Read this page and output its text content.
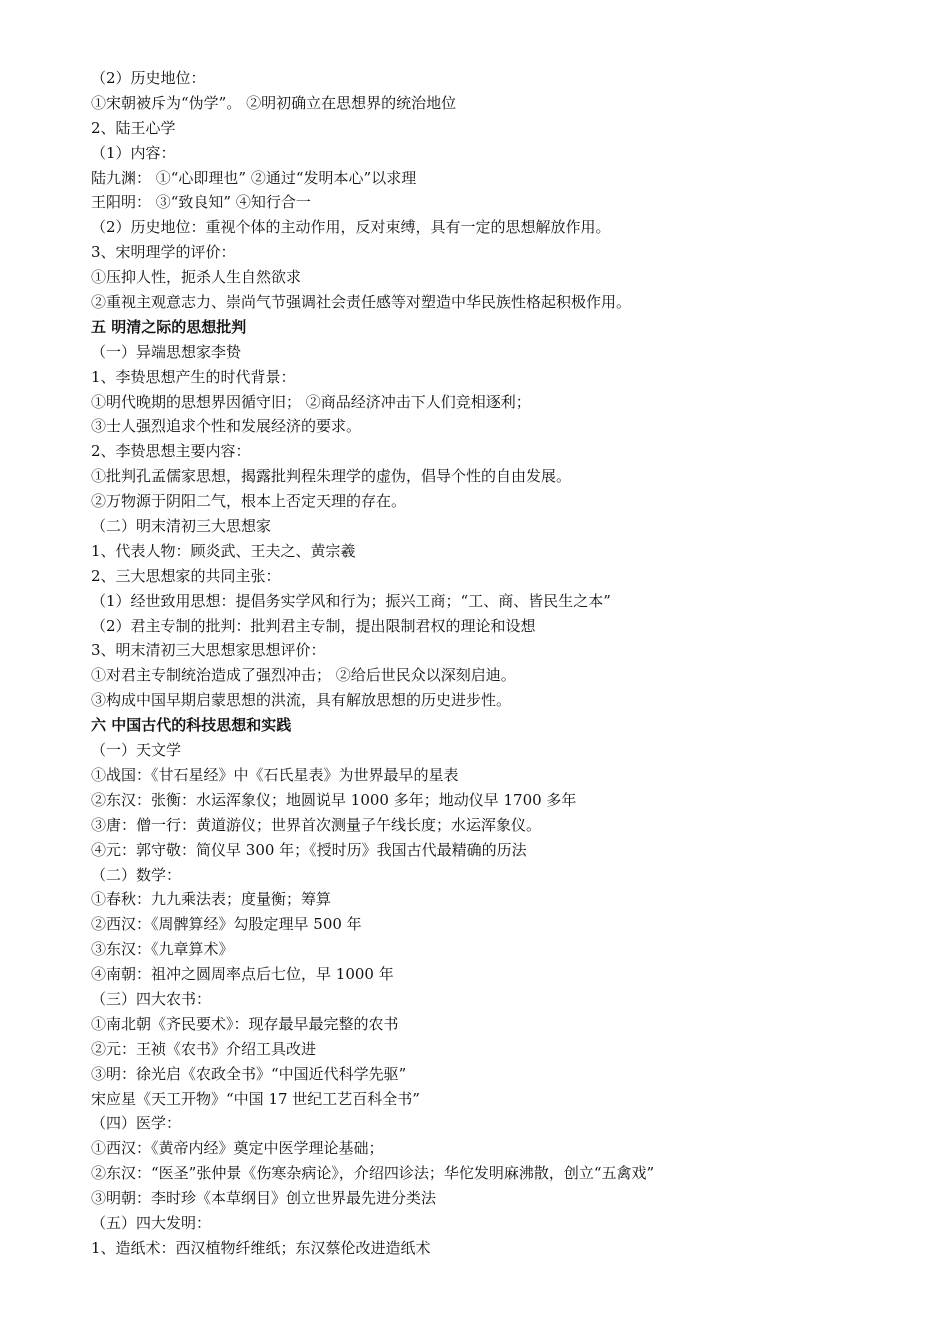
（2）历史地位：
①宋朝被斥为“伪学”。 ②明初确立在思想界的统治地位
2、陆王心学
（1）内容：
陆九渊： ①“心即理也” ②通过“发明本心”以求理
王阳明： ③“致良知” ④知行合一
（2）历史地位：重视个体的主动作用，反对束缚，具有一定的思想解放作用。
3、宋明理学的评价：
①压抑人性，扼杀人生自然欲求
②重视主观意志力、崇尚气节强调社会责任感等对塑造中华民族性格起积极作用。
五 明清之际的思想批判
（一）异端思想家李贽
1、李贽思想产生的时代背景：
①明代晚期的思想界因循守旧； ②商品经济冲击下人们竞相逐利；
③士人强烈追求个性和发展经济的要求。
2、李贽思想主要内容：
①批判孔孟儒家思想，揭露批判程朱理学的虚伪，倡导个性的自由发展。
②万物源于阴阳二气，根本上否定天理的存在。
（二）明末清初三大思想家
1、代表人物：顾炎武、王夫之、黄宗羲
2、三大思想家的共同主张：
（1）经世致用思想：提倡务实学风和行为；振兴工商；“工、商、皆民生之本”
（2）君主专制的批判：批判君主专制，提出限制君权的理论和设想
3、明末清初三大思想家思想评价：
①对君主专制统治造成了强烈冲击； ②给后世民众以深刻启迪。
③构成中国早期启蒙思想的洪流，具有解放思想的历史进步性。
六 中国古代的科技思想和实践
（一）天文学
①战国：《甘石星经》中《石氏星表》为世界最早的星表
②东汉：张衡：水运浑象仪；地圆说早 1000 多年；地动仪早 1700 多年
③唐：僧一行：黄道游仪；世界首次测量子午线长度；水运浑象仪。
④元：郭守敬：简仪早 300 年；《授时历》我国古代最精确的历法
（二）数学：
①春秋：九九乘法表；度量衡；筹算
②西汉：《周髀算经》勾股定理早 500 年
③东汉：《九章算术》
④南朝：祖冲之圆周率点后七位，早 1000 年
（三）四大农书：
①南北朝《齐民要术》：现存最早最完整的农书
②元：王祯《农书》介绍工具改进
③明：徐光启《农政全书》“中国近代科学先驱”
宋应星《天工开物》“中国 17 世纪工艺百科全书”
（四）医学：
①西汉：《黄帝内经》奠定中医学理论基础；
②东汉：“医圣”张仲景《伤寒杂病论》，介绍四诊法；华佗发明麻沸散，创立“五禽戏”
③明朝：李时珍《本草纲目》创立世界最先进分类法
（五）四大发明：
1、造纸术：西汉植物纤维纸；东汉蔡伦改进造纸术
